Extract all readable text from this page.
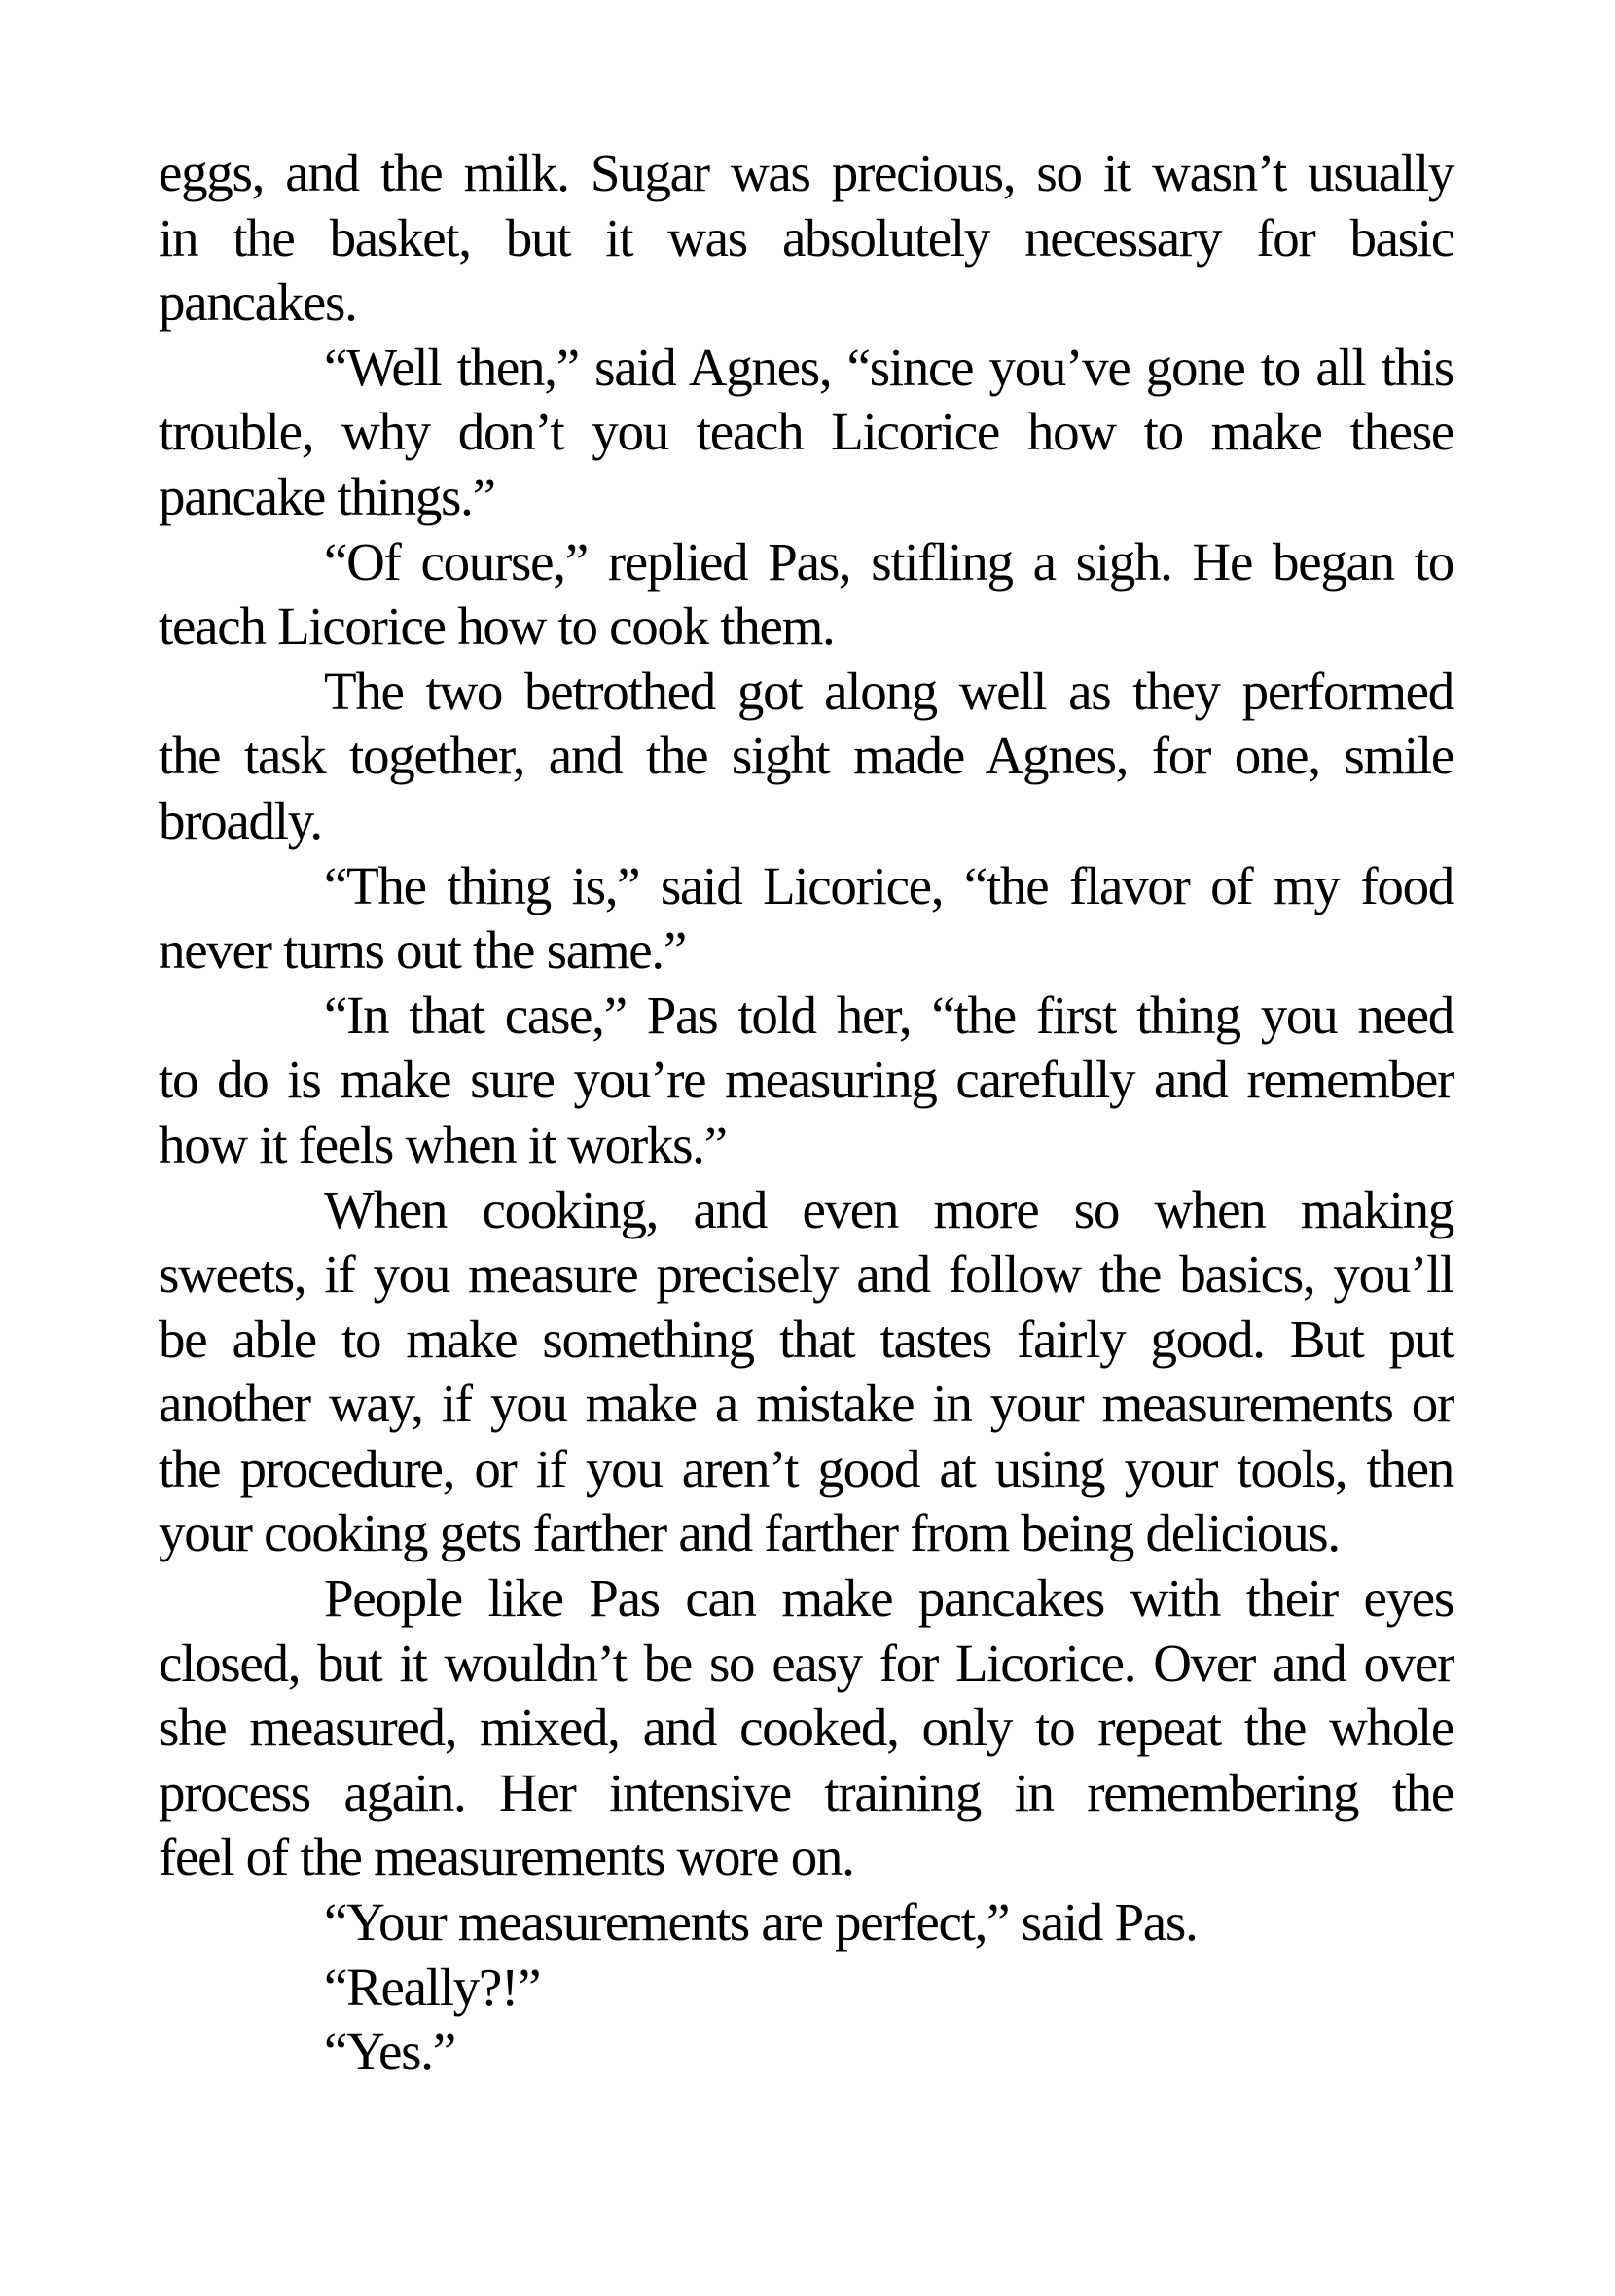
eggs, and the milk. Sugar was precious, so it wasn’t usually
in the basket, but it was absolutely necessary for basic
pancakes.

“Well then,” said Agnes, “since you’ve gone to all this
trouble, why don’t you teach Licorice how to make these
pancake things.”

“Of course,” replied Pas, stifling a sigh. He began to
teach Licorice how to cook them.

The two betrothed got along well as they performed
the task together, and the sight made Agnes, for one, smile
broadly.

“The thing is,” said Licorice, “the flavor of my food
never turns out the same.”

“In that case,” Pas told her, “the first thing you need
to do is make sure you’re measuring carefully and remember
how it feels when it works.”

When cooking, and even more so when making
sweets, if you measure precisely and follow the basics, you’ll
be able to make something that tastes fairly good. But put
another way, if you make a mistake in your measurements or
the procedure, or if you aren’t good at using your tools, then
your cooking gets farther and farther from being delicious.

People like Pas can make pancakes with their eyes
closed, but it wouldn’t be so easy for Licorice. Over and over
she measured, mixed, and cooked, only to repeat the whole
process again. Her intensive training in remembering the
feel of the measurements wore on.

“Your measurements are perfect,” said Pas.

“Really?!”

“Yes.”
